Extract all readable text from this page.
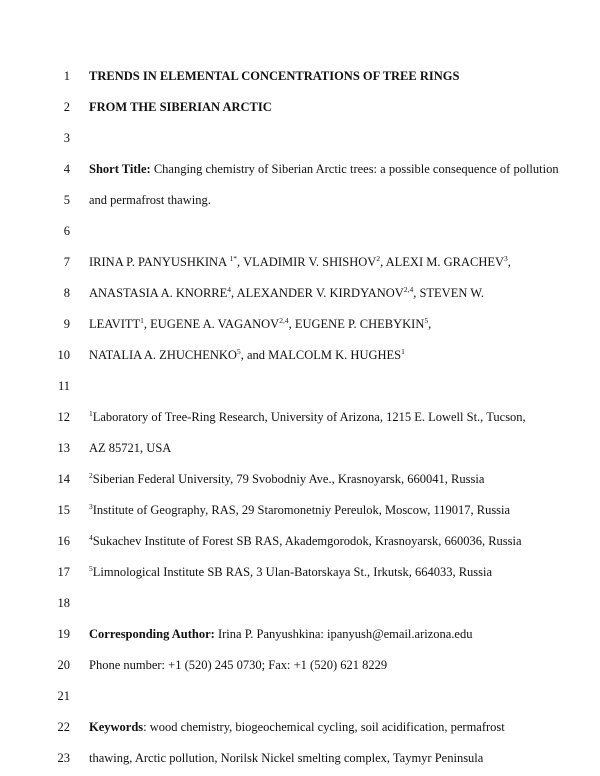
1 TRENDS IN ELEMENTAL CONCENTRATIONS OF TREE RINGS
2 FROM THE SIBERIAN ARCTIC
3
4 Short Title: Changing chemistry of Siberian Arctic trees: a possible consequence of pollution
5 and permafrost thawing.
6
7 IRINA P. PANYUSHKINA $^{1*}$, VLADIMIR V. SHISHOV$^2$, ALEXI M. GRACHEV$^3$,
8 ANASTASIA A. KNORRE$^4$, ALEXANDER V. KIRDYANOV$^{2,4}$, STEVEN W.
9 LEAVITT$^1$, EUGENE A. VAGANOV$^{2,4}$, EUGENE P. CHEBYKIN$^5$,
10 NATALIA A. ZHUCHENKO$^5$, and MALCOLM K. HUGHES$^1$
11
12	$^1$Laboratory of Tree-Ring Research, University of Arizona, 1215 E. Lowell St., Tucson,
13 AZ 85721, USA
14	$^2$Siberian Federal University, 79 Svobodniy Ave., Krasnoyarsk, 660041, Russia
15	$^3$Institute of Geography, RAS, 29 Staromonetniy Pereulok, Moscow, 119017, Russia
16	$^4$Sukachev Institute of Forest SB RAS, Akademgorodok, Krasnoyarsk, 660036, Russia
17	$^5$Limnological Institute SB RAS, 3 Ulan-Batorskaya St., Irkutsk, 664033, Russia
18
19 Corresponding Author: Irina P. Panyushkina: ipanyush@email.arizona.edu
20 Phone number: +1 (520) 245 0730; Fax: +1 (520) 621 8229
21
22 Keywords: wood chemistry, biogeochemical cycling, soil acidification, permafrost
23 thawing, Arctic pollution, Norilsk Nickel smelting complex, Taymyr Peninsula
